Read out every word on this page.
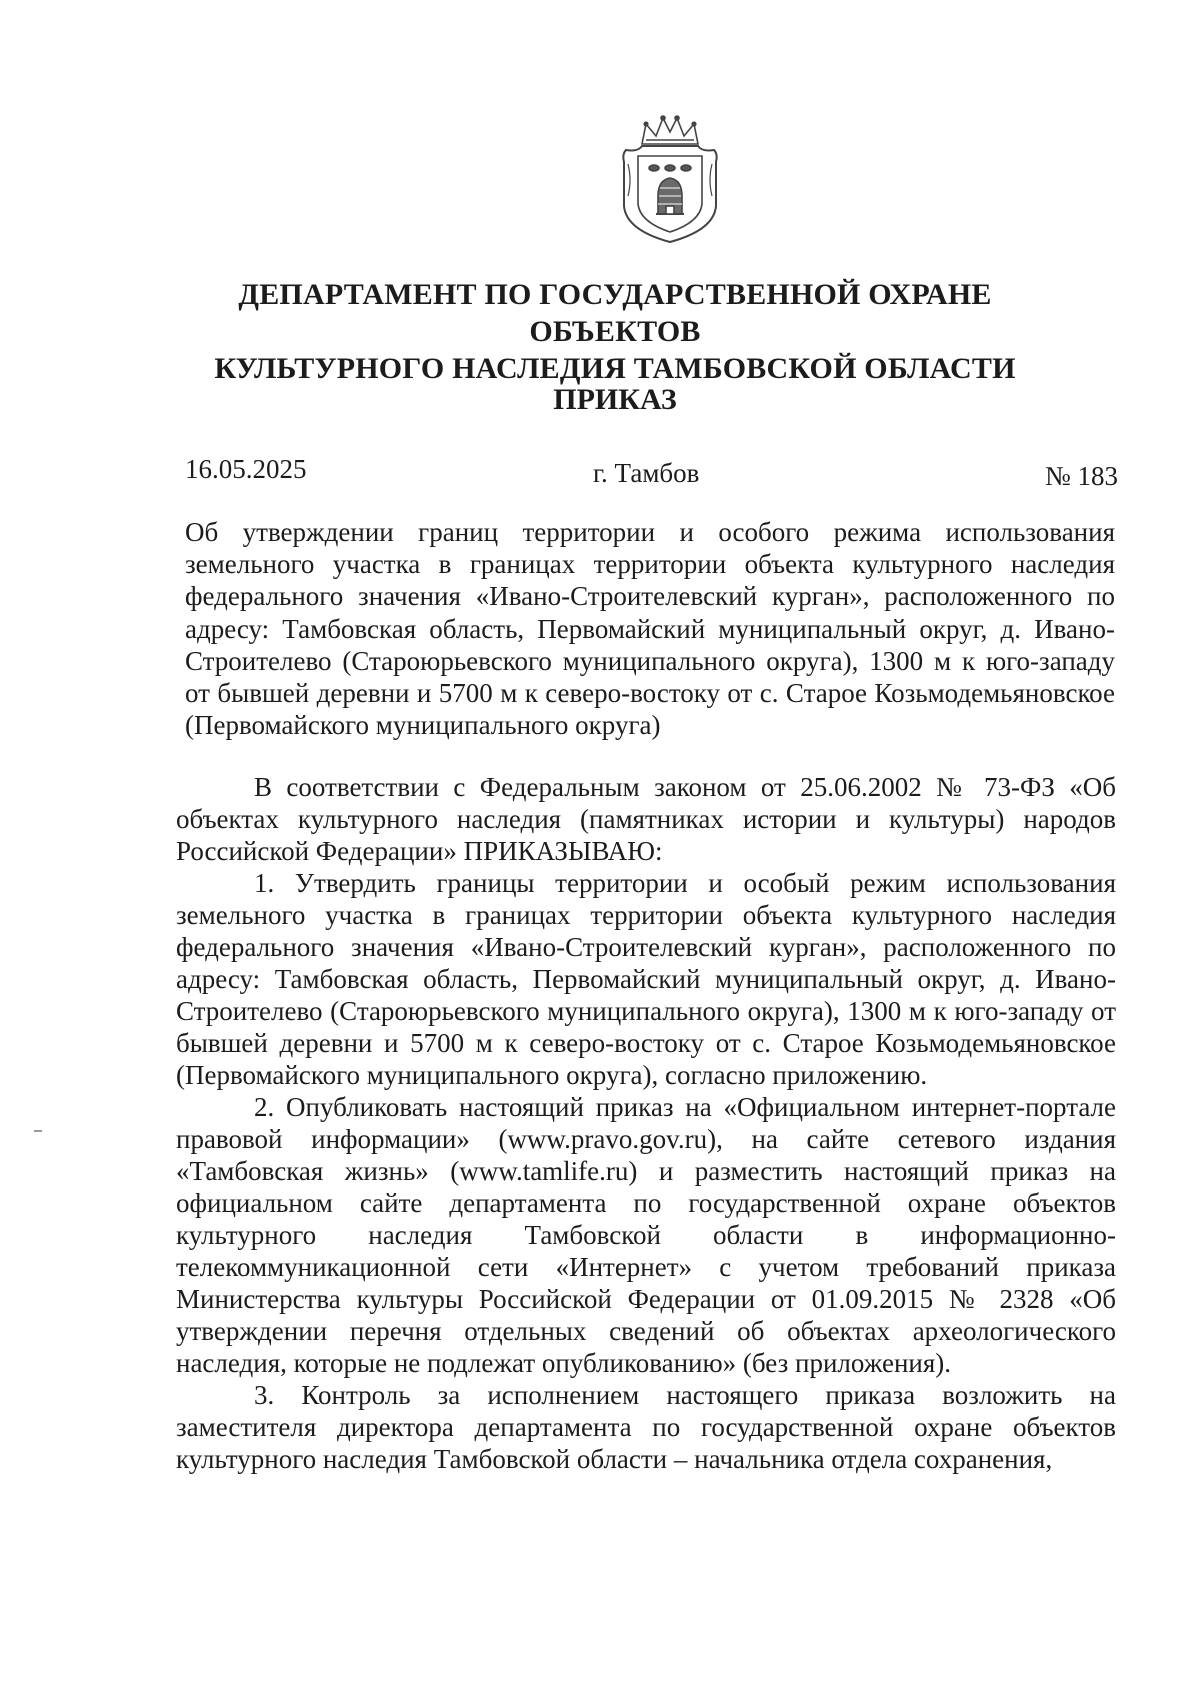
ДЕПАРТАМЕНТ ПО ГОСУДАРСТВЕННОЙ ОХРАНЕ ОБЪЕКТОВ
КУЛЬТУРНОГО НАСЛЕДИЯ ТАМБОВСКОЙ ОБЛАСТИ
ПРИКАЗ
16.05.2025	г. Тамбов	№ 183
Об утверждении границ территории и особого режима использования земельного участка в границах территории объекта культурного наследия федерального значения «Ивано-Строителевский курган», расположенного по адресу: Тамбовская область, Первомайский муниципальный округ, д. Ивано-Строителево (Староюрьевского муниципального округа), 1300 м к юго-западу от бывшей деревни и 5700 м к северо-востоку от с. Старое Козьмодемьяновское (Первомайского муниципального округа)

В соответствии с Федеральным законом от 25.06.2002 № 73-ФЗ «Об объектах культурного наследия (памятниках истории и культуры) народов Российской Федерации» ПРИКАЗЫВАЮ:

1. Утвердить границы территории и особый режим использования земельного участка в границах территории объекта культурного наследия федерального значения «Ивано-Строителевский курган», расположенного по адресу: Тамбовская область, Первомайский муниципальный округ, д. Ивано-Строителево (Староюрьевского муниципального округа), 1300 м к юго-западу от бывшей деревни и 5700 м к северо-востоку от с. Старое Козьмодемьяновское (Первомайского муниципального округа), согласно приложению.

2. Опубликовать настоящий приказ на «Официальном интернет-портале правовой информации» (www.pravo.gov.ru), на сайте сетевого издания «Тамбовская жизнь» (www.tamlife.ru) и разместить настоящий приказ на официальном сайте департамента по государственной охране объектов культурного наследия Тамбовской области в информационно-телекоммуникационной сети «Интернет» с учетом требований приказа Министерства культуры Российской Федерации от 01.09.2015 № 2328 «Об утверждении перечня отдельных сведений об объектах археологического наследия, которые не подлежат опубликованию» (без приложения).

3. Контроль за исполнением настоящего приказа возложить на заместителя директора департамента по государственной охране объектов культурного наследия Тамбовской области – начальника отдела сохранения,
